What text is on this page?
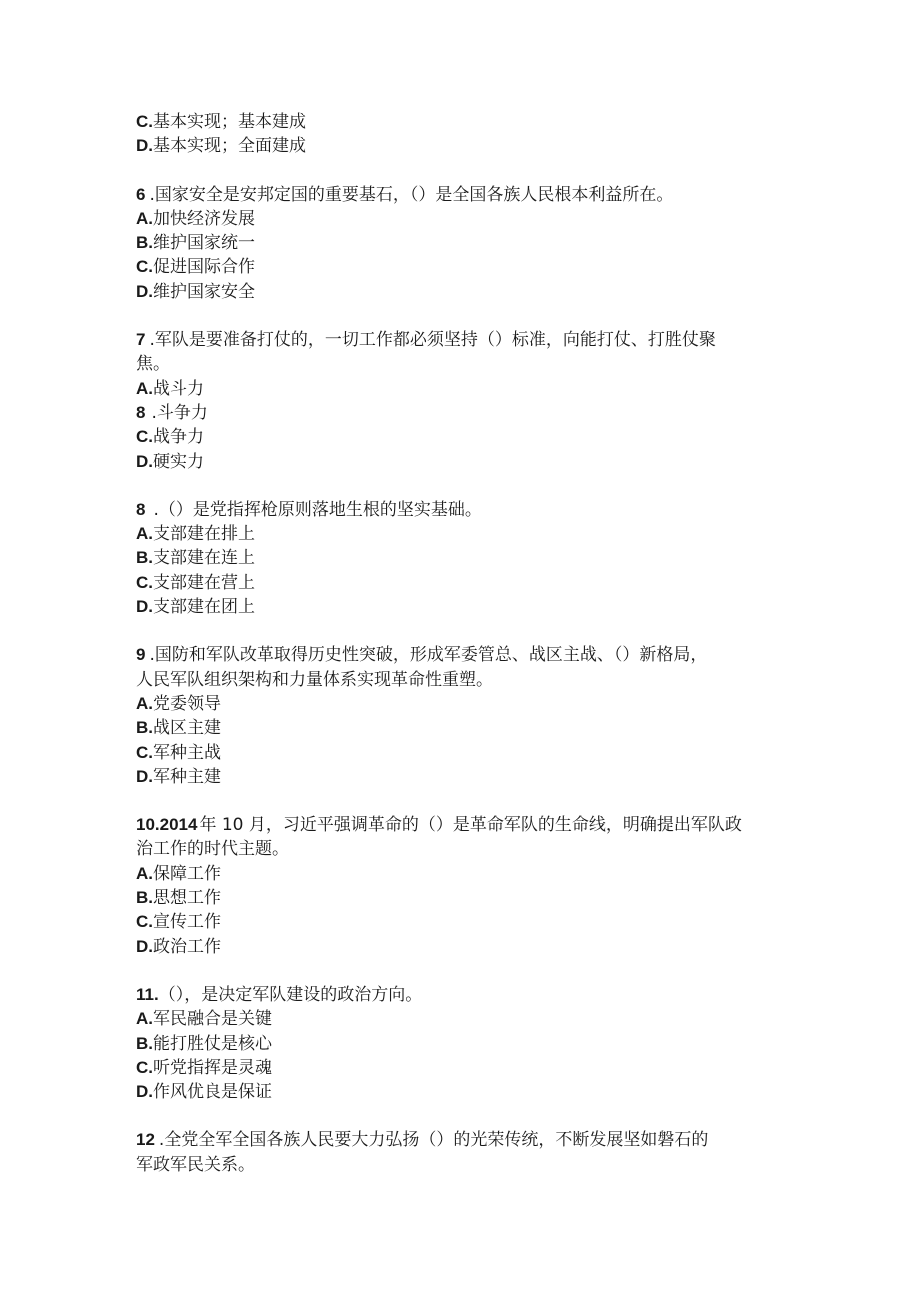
C.基本实现；基本建成
D.基本实现；全面建成
6 .国家安全是安邦定国的重要基石，（）是全国各族人民根本利益所在。
A.加快经济发展
B.维护国家统一
C.促进国际合作
D.维护国家安全
7 .军队是要准备打仗的，一切工作都必须坚持（）标准，向能打仗、打胜仗聚
焦。
A.战斗力
8 .斗争力
C.战争力
D.硬实力
8 .（）是党指挥枪原则落地生根的坚实基础。
A.支部建在排上
B.支部建在连上
C.支部建在营上
D.支部建在团上
9 .国防和军队改革取得历史性突破，形成军委管总、战区主战、（）新格局，
人民军队组织架构和力量体系实现革命性重塑。
A.党委领导
B.战区主建
C.军种主战
D.军种主建
10.2014 年 10 月，习近平强调革命的（）是革命军队的生命线，明确提出军队政
治工作的时代主题。
A.保障工作
B.思想工作
C.宣传工作
D.政治工作
11.（），是决定军队建设的政治方向。
A.军民融合是关键
B.能打胜仗是核心
C.听党指挥是灵魂
D.作风优良是保证
12 .全党全军全国各族人民要大力弘扬（）的光荣传统，不断发展坚如磐石的
军政军民关系。
